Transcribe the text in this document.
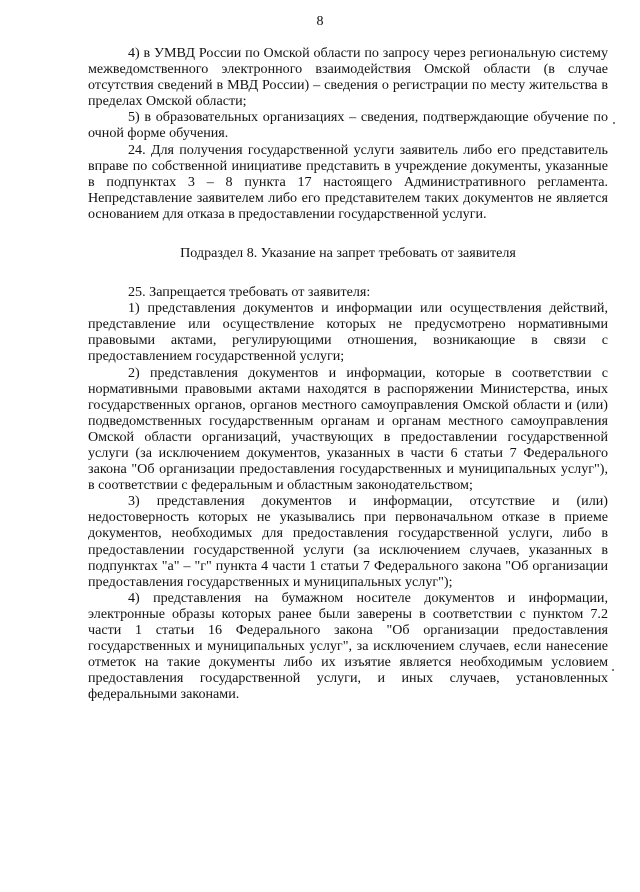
8

4) в УМВД России по Омской области по запросу через региональную систему межведомственного электронного взаимодействия Омской области (в случае отсутствия сведений в МВД России) – сведения о регистрации по месту жительства в пределах Омской области;

5) в образовательных организациях – сведения, подтверждающие обучение по очной форме обучения.

24. Для получения государственной услуги заявитель либо его представитель вправе по собственной инициативе представить в учреждение документы, указанные в подпунктах 3 – 8 пункта 17 настоящего Административного регламента. Непредставление заявителем либо его представителем таких документов не является основанием для отказа в предоставлении государственной услуги.

Подраздел 8. Указание на запрет требовать от заявителя

25. Запрещается требовать от заявителя:

1) представления документов и информации или осуществления действий, представление или осуществление которых не предусмотрено нормативными правовыми актами, регулирующими отношения, возникающие в связи с предоставлением государственной услуги;

2) представления документов и информации, которые в соответствии с нормативными правовыми актами находятся в распоряжении Министерства, иных государственных органов, органов местного самоуправления Омской области и (или) подведомственных государственным органам и органам местного самоуправления Омской области организаций, участвующих в предоставлении государственной услуги (за исключением документов, указанных в части 6 статьи 7 Федерального закона "Об организации предоставления государственных и муниципальных услуг"), в соответствии с федеральным и областным законодательством;

3) представления документов и информации, отсутствие и (или) недостоверность которых не указывались при первоначальном отказе в приеме документов, необходимых для предоставления государственной услуги, либо в предоставлении государственной услуги (за исключением случаев, указанных в подпунктах "а" – "г" пункта 4 части 1 статьи 7 Федерального закона "Об организации предоставления государственных и муниципальных услуг");

4) представления на бумажном носителе документов и информации, электронные образы которых ранее были заверены в соответствии с пунктом 7.2 части 1 статьи 16 Федерального закона "Об организации предоставления государственных и муниципальных услуг", за исключением случаев, если нанесение отметок на такие документы либо их изъятие является необходимым условием предоставления государственной услуги, и иных случаев, установленных федеральными законами.
